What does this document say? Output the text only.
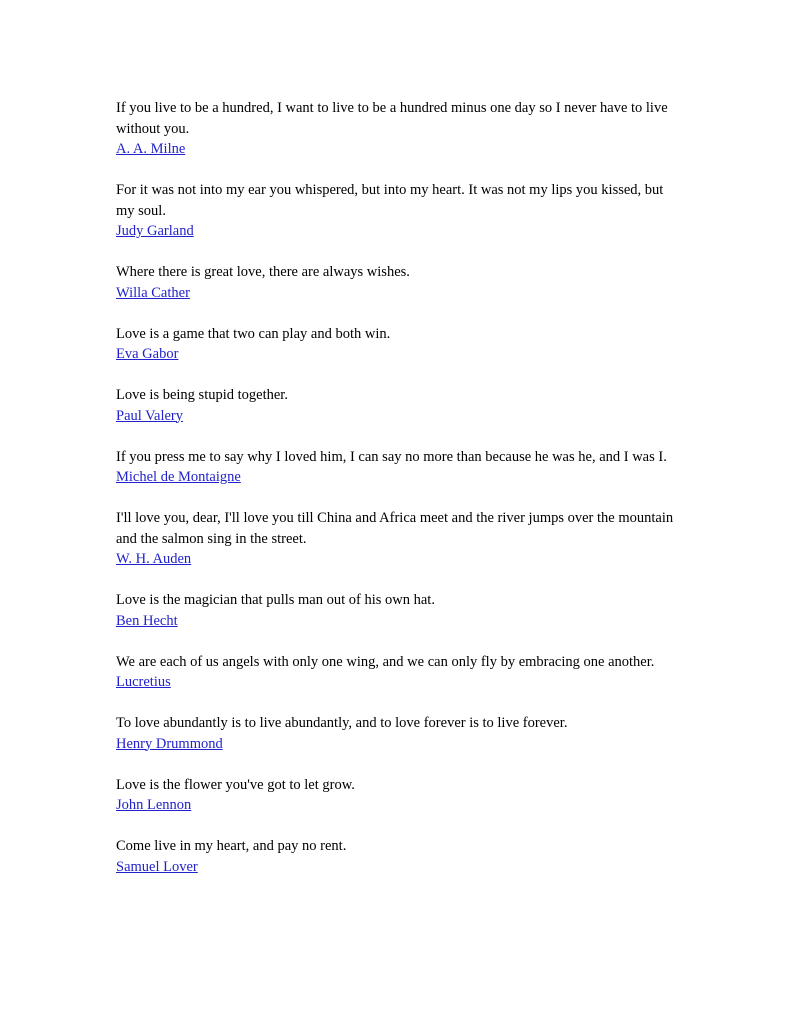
If you live to be a hundred, I want to live to be a hundred minus one day so I never have to live without you.
A. A. Milne
For it was not into my ear you whispered, but into my heart. It was not my lips you kissed, but my soul.
Judy Garland
Where there is great love, there are always wishes.
Willa Cather
Love is a game that two can play and both win.
Eva Gabor
Love is being stupid together.
Paul Valery
If you press me to say why I loved him, I can say no more than because he was he, and I was I.
Michel de Montaigne
I'll love you, dear, I'll love you till China and Africa meet and the river jumps over the mountain and the salmon sing in the street.
W. H. Auden
Love is the magician that pulls man out of his own hat.
Ben Hecht
We are each of us angels with only one wing, and we can only fly by embracing one another.
Lucretius
To love abundantly is to live abundantly, and to love forever is to live forever.
Henry Drummond
Love is the flower you've got to let grow.
John Lennon
Come live in my heart, and pay no rent.
Samuel Lover
